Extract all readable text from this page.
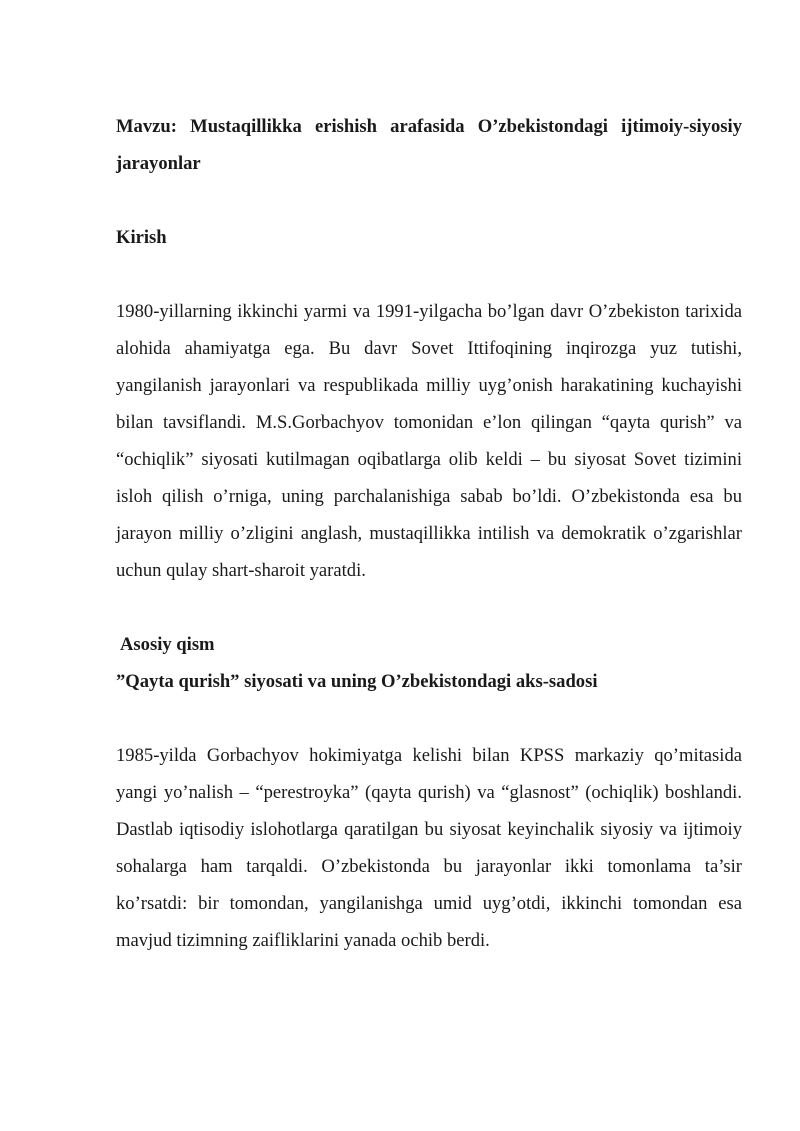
Mavzu: Mustaqillikka erishish arafasida O’zbekistondagi ijtimoiy-siyosiy jarayonlar

Kirish

1980-yillarning ikkinchi yarmi va 1991-yilgacha bo’lgan davr O’zbekiston tarixida alohida ahamiyatga ega. Bu davr Sovet Ittifoqining inqirozga yuz tutishi, yangilanish jarayonlari va respublikada milliy uyg’onish harakatining kuchayishi bilan tavsiflandi. M.S.Gorbachyov tomonidan e’lon qilingan “qayta qurish” va “ochiqlik” siyosati kutilmagan oqibatlarga olib keldi – bu siyosat Sovet tizimini isloh qilish o’rniga, uning parchalanishiga sabab bo’ldi. O’zbekistonda esa bu jarayon milliy o’zligini anglash, mustaqillikka intilish va demokratik o’zgarishlar uchun qulay shart-sharoit yaratdi.

Asosiy qism

”Qayta qurish” siyosati va uning O’zbekistondagi aks-sadosi

1985-yilda Gorbachyov hokimiyatga kelishi bilan KPSS markaziy qo’mitasida yangi yo’nalish – “perestroyka” (qayta qurish) va “glasnost” (ochiqlik) boshlandi. Dastlab iqtisodiy islohotlarga qaratilgan bu siyosat keyinchalik siyosiy va ijtimoiy sohalarga ham tarqaldi. O’zbekistonda bu jarayonlar ikki tomonlama ta’sir ko’rsatdi: bir tomondan, yangilanishga umid uyg’otdi, ikkinchi tomondan esa mavjud tizimning zaifliklarini yanada ochib berdi.
